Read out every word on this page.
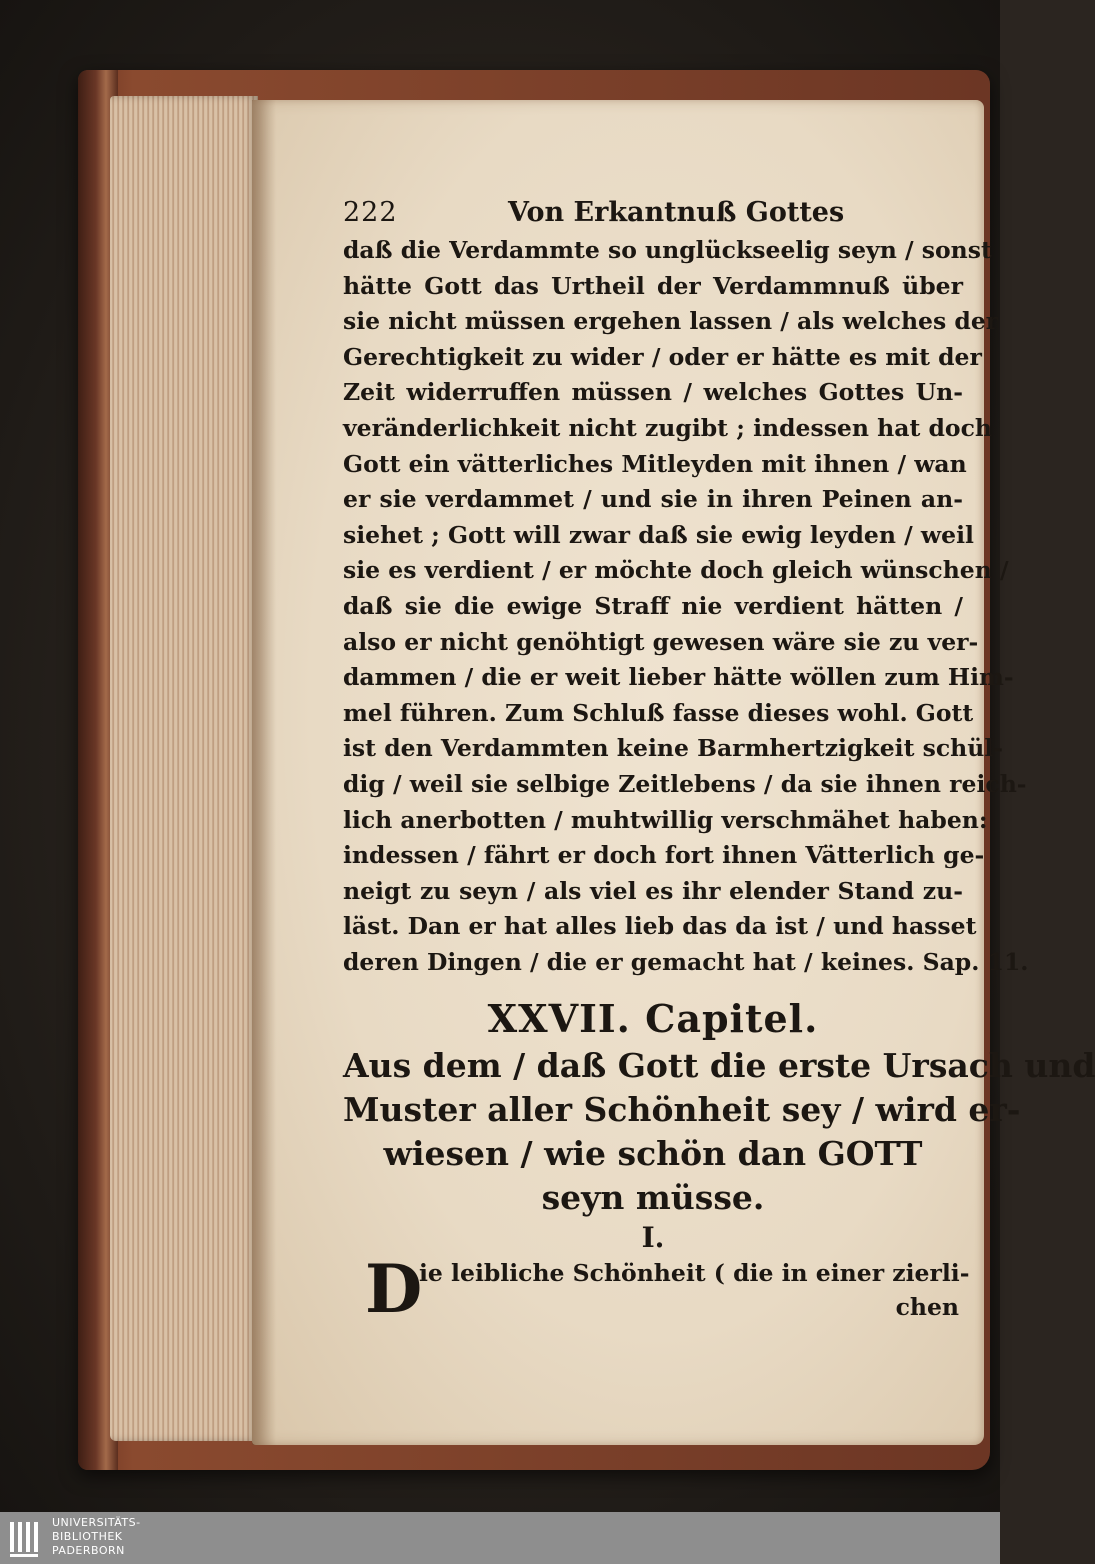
222	Von Erkantnuß Gottes
daß die Verdammte so unglückseelig seyn / sonst
hätte Gott das Urtheil der Verdammnuß über
sie nicht müssen ergehen lassen / als welches der
Gerechtigkeit zu wider / oder er hätte es mit der
Zeit widerruffen müssen / welches Gottes Un-
veränderlichkeit nicht zugibt ; indessen hat doch
Gott ein vätterliches Mitleyden mit ihnen / wan
er sie verdammet / und sie in ihren Peinen an-
siehet ; Gott will zwar daß sie ewig leyden / weil
sie es verdient / er möchte doch gleich wünschen /
daß sie die ewige Straff nie verdient hätten /
also er nicht genöhtigt gewesen wäre sie zu ver-
dammen / die er weit lieber hätte wöllen zum Him-
mel führen. Zum Schluß fasse dieses wohl. Gott
ist den Verdammten keine Barmhertzigkeit schül-
dig / weil sie selbige Zeitlebens / da sie ihnen reich-
lich anerbotten / muhtwillig verschmähet haben:
indessen / fährt er doch fort ihnen Vätterlich ge-
neigt zu seyn / als viel es ihr elender Stand zu-
läst. Dan er hat alles lieb das da ist / und hasset
deren Dingen / die er gemacht hat / keines. Sap. 11.
XXVII. Capitel.
Aus dem / daß Gott die erste Ursach und
Muster aller Schönheit sey / wird er-
wiesen / wie schön dan GOTT
seyn müsse.
I.
D
ie leibliche Schönheit ( die in einer zierli-
chen
UNIVERSITÄTS-
BIBLIOTHEK
PADERBORN
